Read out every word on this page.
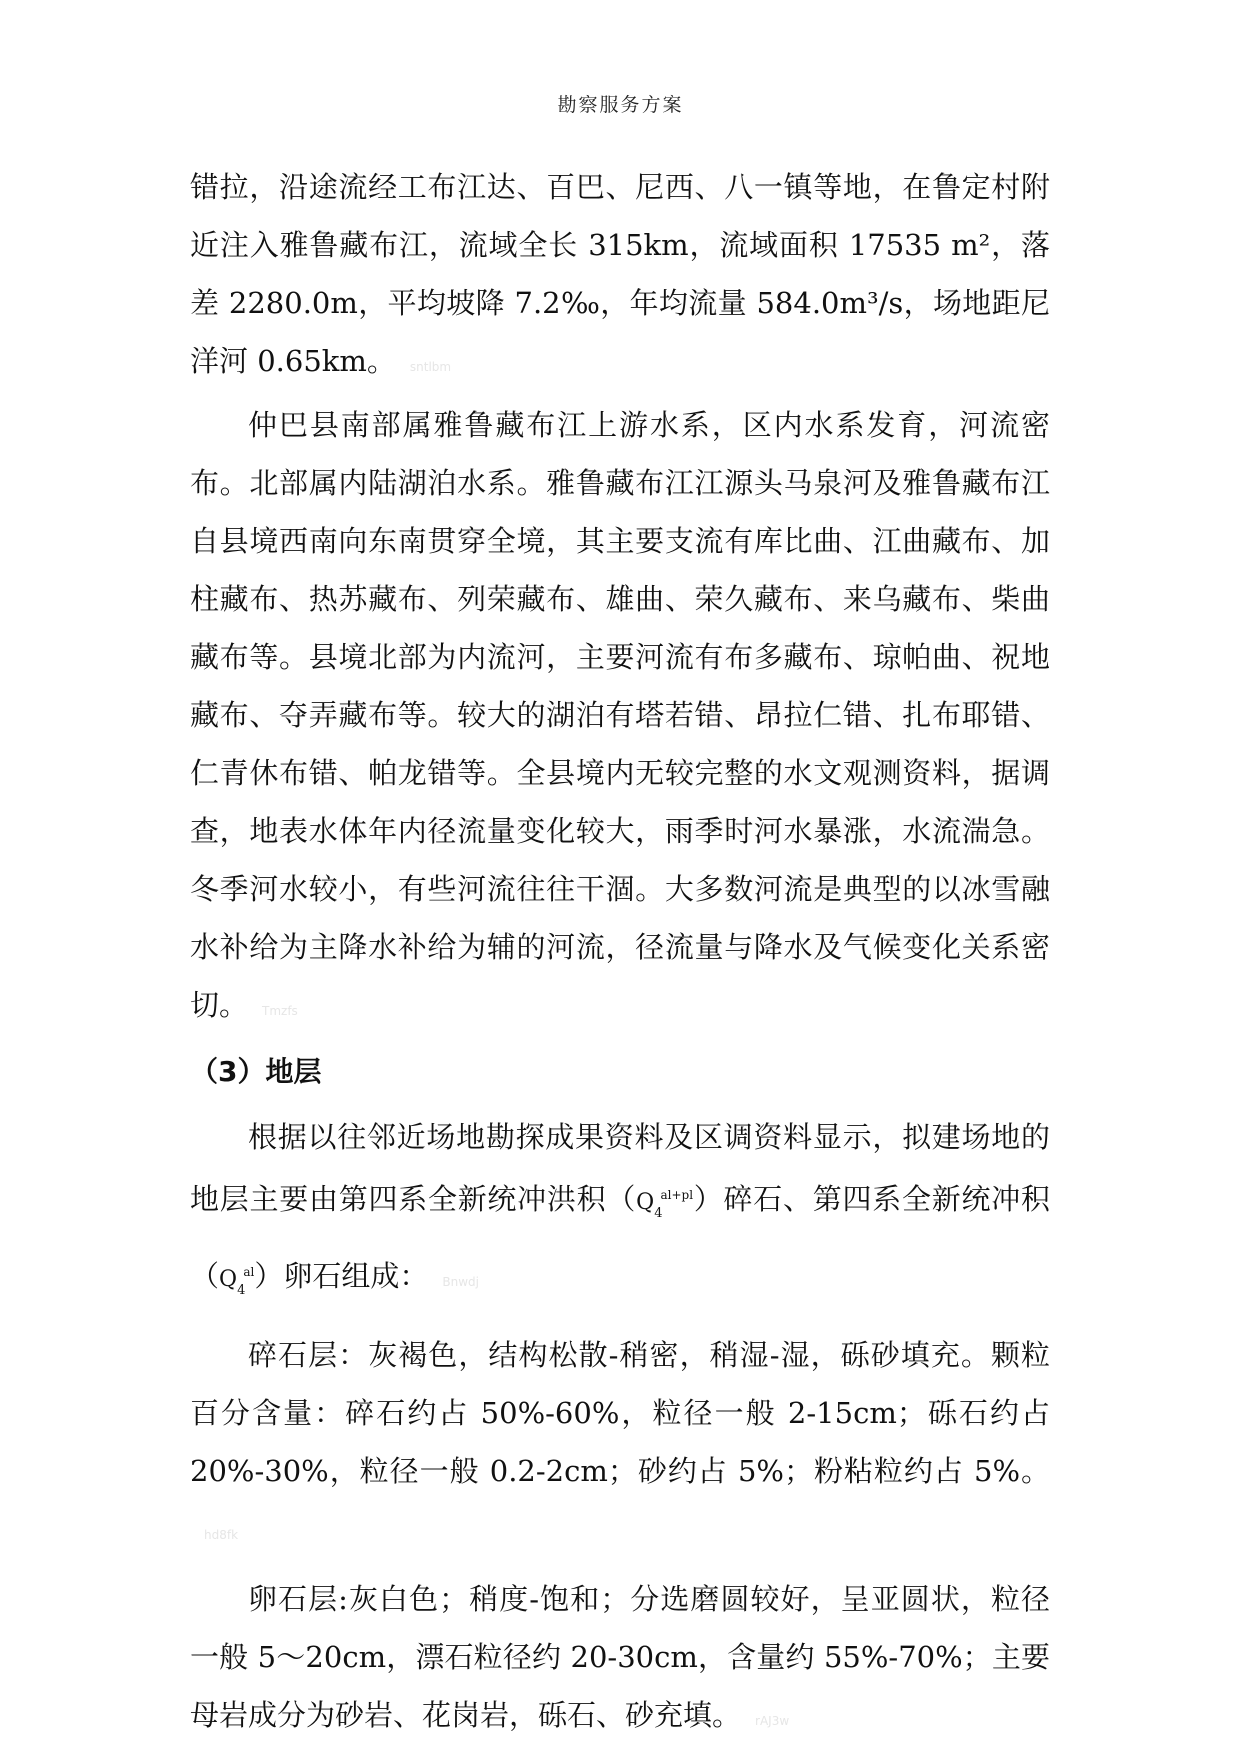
勘察服务方案

错拉，沿途流经工布江达、百巴、尼西、八一镇等地，在鲁定村附近注入雅鲁藏布江，流域全长 315km，流域面积 17535 m²，落差 2280.0m，平均坡降 7.2‰，年均流量 584.0m³/s，场地距尼洋河 0.65km。 sntlbm

仲巴县南部属雅鲁藏布江上游水系，区内水系发育，河流密布。北部属内陆湖泊水系。雅鲁藏布江江源头马泉河及雅鲁藏布江自县境西南向东南贯穿全境，其主要支流有库比曲、江曲藏布、加柱藏布、热苏藏布、列荣藏布、雄曲、荣久藏布、来乌藏布、柴曲藏布等。县境北部为内流河，主要河流有布多藏布、琼帕曲、祝地藏布、夺弄藏布等。较大的湖泊有塔若错、昂拉仁错、扎布耶错、仁青休布错、帕龙错等。全县境内无较完整的水文观测资料，据调查，地表水体年内径流量变化较大，雨季时河水暴涨，水流湍急。冬季河水较小，有些河流往往干涸。大多数河流是典型的以冰雪融水补给为主降水补给为辅的河流，径流量与降水及气候变化关系密切。 Tmzfs

（3）地层

根据以往邻近场地勘探成果资料及区调资料显示，拟建场地的地层主要由第四系全新统冲洪积$(Q_4^{al+pl})$碎石、第四系全新统冲积$(Q_4^{al})$卵石组成： Bnwdj

碎石层：灰褐色，结构松散-稍密，稍湿-湿，砾砂填充。颗粒百分含量：碎石约占 50%-60%，粒径一般 2-15cm；砾石约占 20%-30%，粒径一般 0.2-2cm；砂约占 5%；粉粘粒约占 5%。hd8fk

卵石层:灰白色；稍度-饱和；分选磨圆较好，呈亚圆状，粒径一般 5～20cm，漂石粒径约 20-30cm，含量约 55%-70%；主要母岩成分为砂岩、花岗岩，砾石、砂充填。 rAJ3w
